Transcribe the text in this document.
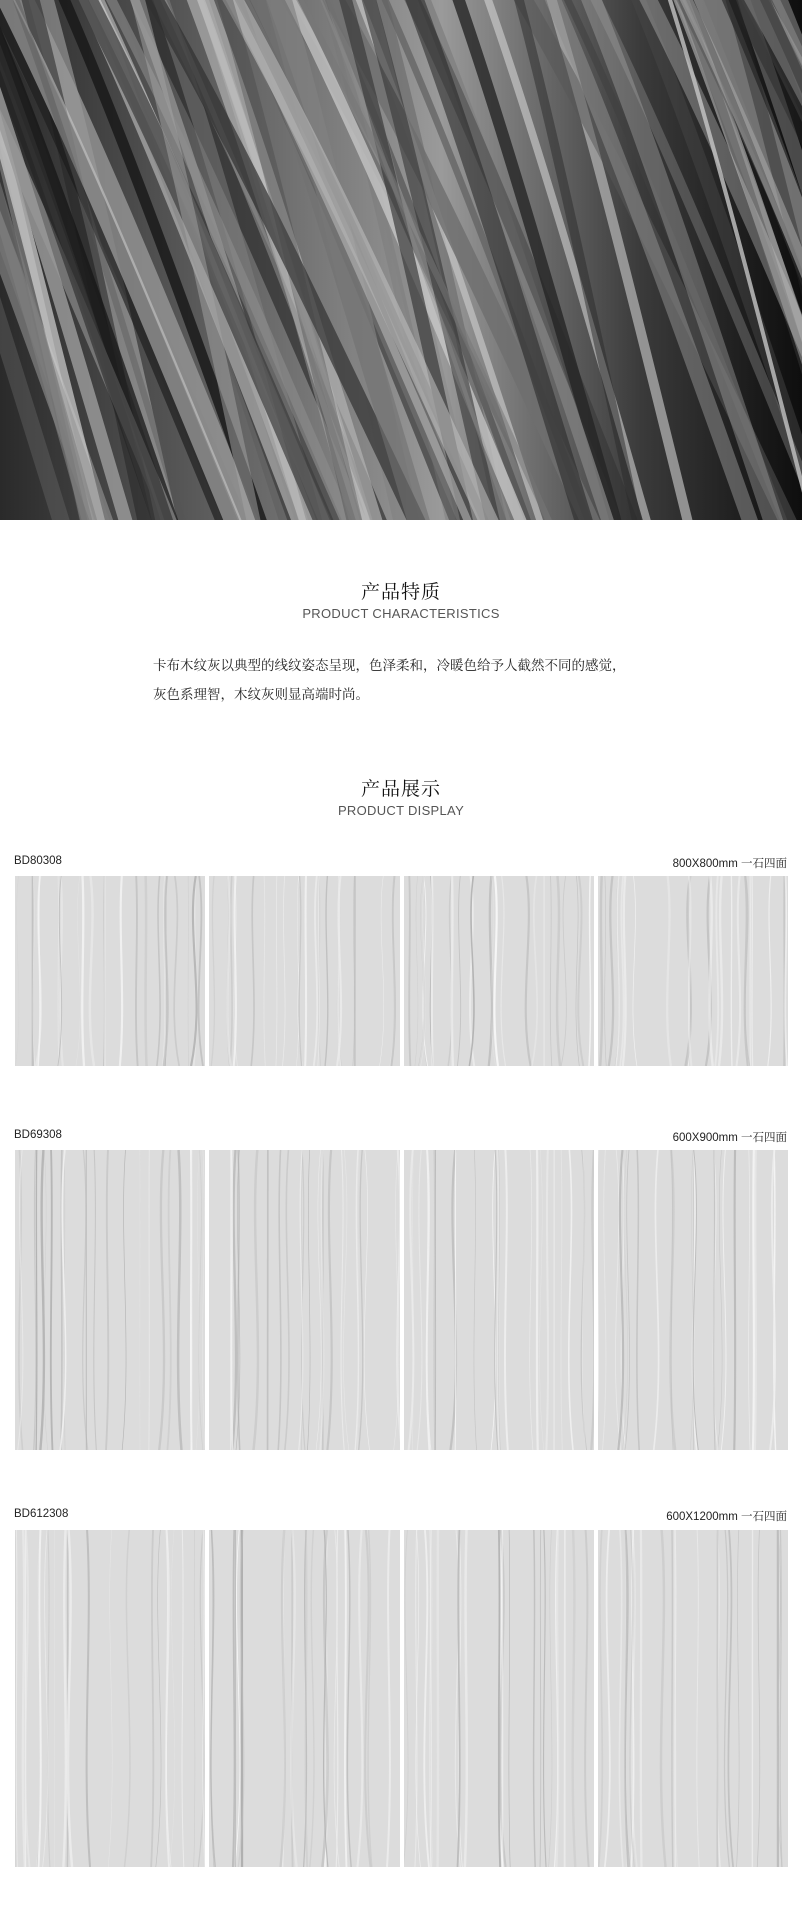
产品特质
PRODUCT CHARACTERISTICS
卡布木纹灰以典型的线纹姿态呈现，色泽柔和，冷暖色给予人截然不同的感觉，
灰色系理智，木纹灰则显高端时尚。
产品展示
PRODUCT DISPLAY
BD80308	800X800mm 一石四面
BD69308	600X900mm 一石四面
BD612308	600X1200mm 一石四面
